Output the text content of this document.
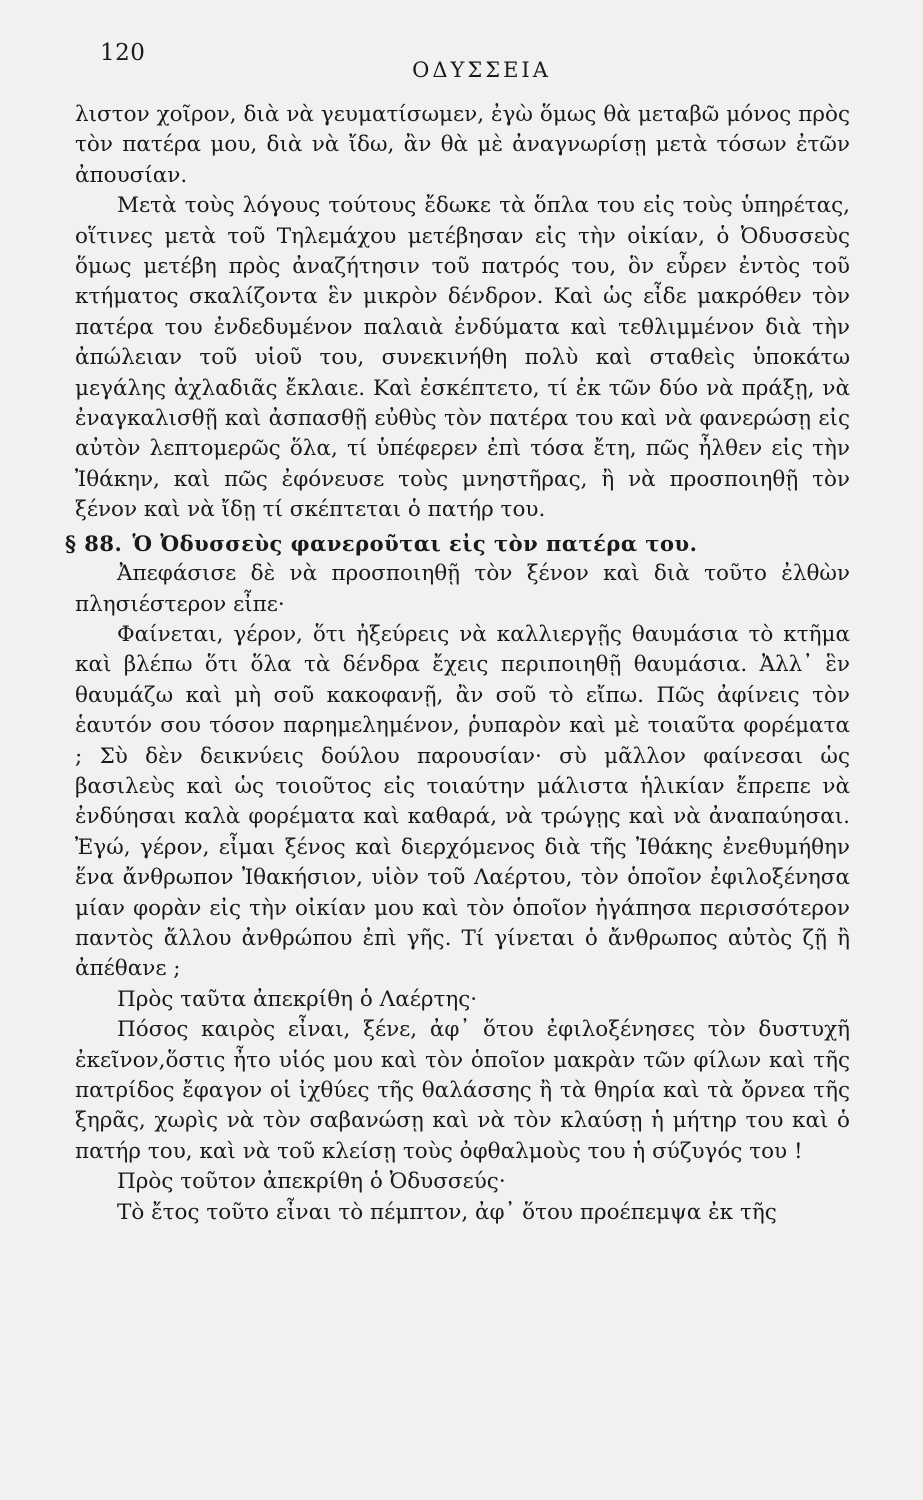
120
ΟΔΥΣΣΕΙΑ

λιστον χοῖρον, διὰ νὰ γευματίσωμεν, ἐγὼ ὅμως θὰ μεταβῶ μόνος πρὸς τὸν πατέρα μου, διὰ νὰ ἴδω, ἂν θὰ μὲ ἀναγνωρίσῃ μετὰ τόσων ἐτῶν ἀπουσίαν.

Μετὰ τοὺς λόγους τούτους ἔδωκε τὰ ὅπλα του εἰς τοὺς ὑπηρέτας, οἵτινες μετὰ τοῦ Τηλεμάχου μετέβησαν εἰς τὴν οἰκίαν, ὁ Ὀδυσσεὺς ὅμως μετέβη πρὸς ἀναζήτησιν τοῦ πατρός του, ὃν εὗρεν ἐντὸς τοῦ κτήματος σκαλίζοντα ἓν μικρὸν δένδρον. Καὶ ὡς εἶδε μακρόθεν τὸν πατέρα του ἐνδεδυμένον παλαιὰ ἐνδύματα καὶ τεθλιμμένον διὰ τὴν ἀπώλειαν τοῦ υἱοῦ του, συνεκινήθη πολὺ καὶ σταθεὶς ὑποκάτω μεγάλης ἀχλαδιᾶς ἔκλαιε. Καὶ ἐσκέπτετο, τί ἐκ τῶν δύο νὰ πράξῃ, νὰ ἐναγκαλισθῇ καὶ ἀσπασθῇ εὐθὺς τὸν πατέρα του καὶ νὰ φανερώσῃ εἰς αὐτὸν λεπτομερῶς ὅλα, τί ὑπέφερεν ἐπὶ τόσα ἔτη, πῶς ἦλθεν εἰς τὴν Ἰθάκην, καὶ πῶς ἐφόνευσε τοὺς μνηστῆρας, ἢ νὰ προσποιηθῇ τὸν ξένον καὶ νὰ ἴδῃ τί σκέπτεται ὁ πατήρ του.

§ 88. Ὁ Ὀδυσσεὺς φανεροῦται εἰς τὸν πατέρα του.

Ἀπεφάσισε δὲ νὰ προσποιηθῇ τὸν ξένον καὶ διὰ τοῦτο ἐλθὼν πλησιέστερον εἶπε·

Φαίνεται, γέρον, ὅτι ἠξεύρεις νὰ καλλιεργῇς θαυμάσια τὸ κτῆμα καὶ βλέπω ὅτι ὅλα τὰ δένδρα ἔχεις περιποιηθῇ θαυμάσια. Ἀλλ᾿ ἓν θαυμάζω καὶ μὴ σοῦ κακοφανῇ, ἂν σοῦ τὸ εἴπω. Πῶς ἀφίνεις τὸν ἑαυτόν σου τόσον παρημελημένον, ῥυπαρὸν καὶ μὲ τοιαῦτα φορέματα ; Σὺ δὲν δεικνύεις δούλου παρουσίαν· σὺ μᾶλλον φαίνεσαι ὡς βασιλεὺς καὶ ὡς τοιοῦτος εἰς τοιαύτην μάλιστα ἡλικίαν ἔπρεπε νὰ ἐνδύησαι καλὰ φορέματα καὶ καθαρά, νὰ τρώγῃς καὶ νὰ ἀναπαύησαι. Ἐγώ, γέρον, εἶμαι ξένος καὶ διερχόμενος διὰ τῆς Ἰθάκης ἐνεθυμήθην ἕνα ἄνθρωπον Ἰθακήσιον, υἱὸν τοῦ Λαέρτου, τὸν ὁποῖον ἐφιλοξένησα μίαν φορὰν εἰς τὴν οἰκίαν μου καὶ τὸν ὁποῖον ἠγάπησα περισσότερον παντὸς ἄλλου ἀνθρώπου ἐπὶ γῆς. Τί γίνεται ὁ ἄνθρωπος αὐτὸς ζῇ ἢ ἀπέθανε ;

Πρὸς ταῦτα ἀπεκρίθη ὁ Λαέρτης·

Πόσος καιρὸς εἶναι, ξένε, ἀφ᾿ ὅτου ἐφιλοξένησες τὸν δυστυχῆ ἐκεῖνον,ὅστις ἦτο υἱός μου καὶ τὸν ὁποῖον μακρὰν τῶν φίλων καὶ τῆς πατρίδος ἔφαγον οἱ ἰχθύες τῆς θαλάσσης ἢ τὰ θηρία καὶ τὰ ὄρνεα τῆς ξηρᾶς, χωρὶς νὰ τὸν σαβανώσῃ καὶ νὰ τὸν κλαύσῃ ἡ μήτηρ του καὶ ὁ πατήρ του, καὶ νὰ τοῦ κλείσῃ τοὺς ὀφθαλμοὺς του ἡ σύζυγός του !

Πρὸς τοῦτον ἀπεκρίθη ὁ Ὀδυσσεύς·

Τὸ ἔτος τοῦτο εἶναι τὸ πέμπτον, ἀφ᾿ ὅτου προέπεμψα ἐκ τῆς
